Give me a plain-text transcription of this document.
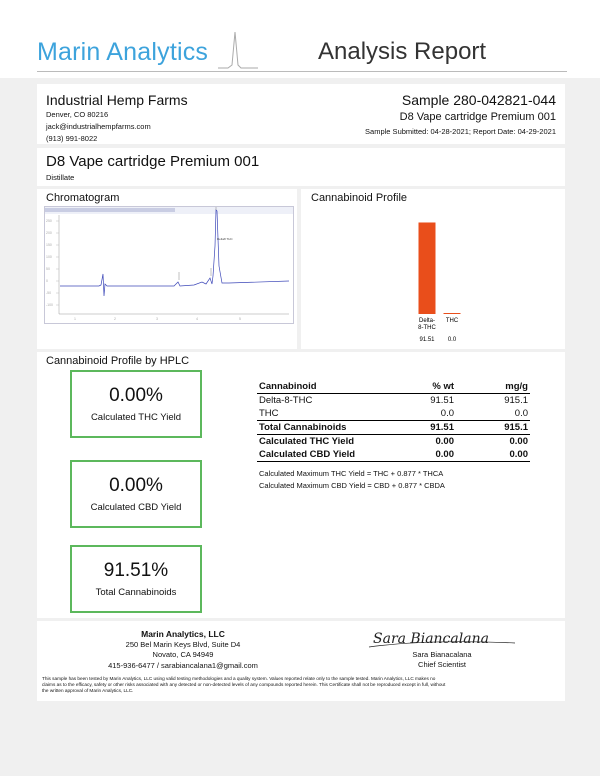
Marin Analytics	Analysis Report
Industrial Hemp Farms
Denver, CO 80216
jack@industrialhempfarms.com
(913) 991-8022
Sample 280-042821-044
D8 Vape cartridge Premium 001
Sample Submitted: 04-28-2021; Report Date: 04-29-2021
D8 Vape cartridge Premium 001
Distillate
Chromatogram
250
200
150
100
50
0
-50
-100
1	2	3	4	5
Delta8 THC
Cannabinoid Profile
Delta-
8-THC
91.51
THC
0.0
Cannabinoid Profile by HPLC
0.00%
Calculated THC Yield
0.00%
Calculated CBD Yield
91.51%
Total Cannabinoids
Cannabinoid	% wt	mg/g
Delta-8-THC	91.51	915.1
THC	0.0	0.0
Total Cannabinoids	91.51	915.1
Calculated THC Yield	0.00	0.00
Calculated CBD Yield	0.00	0.00
Calculated Maximum THC Yield = THC + 0.877 * THCA
Calculated Maximum CBD Yield = CBD + 0.877 * CBDA
Marin Analytics, LLC
250 Bel Marin Keys Blvd, Suite D4
Novato, CA 94949
415-936-6477 / sarabiancalana1@gmail.com
Sara Biancalana
Sara Bianacalana
Chief Scientist
This sample has been tested by Marin Analytics, LLC using valid testing methodologies and a quality system. Values reported relate only to the sample tested. Marin Analytics, LLC makes no
claims as to the efficacy, safety or other risks associated with any detected or non-detected levels of any compounds reported herein. This Certificate shall not be reproduced except in full, without
the written approval of Marin Analytics, LLC.
